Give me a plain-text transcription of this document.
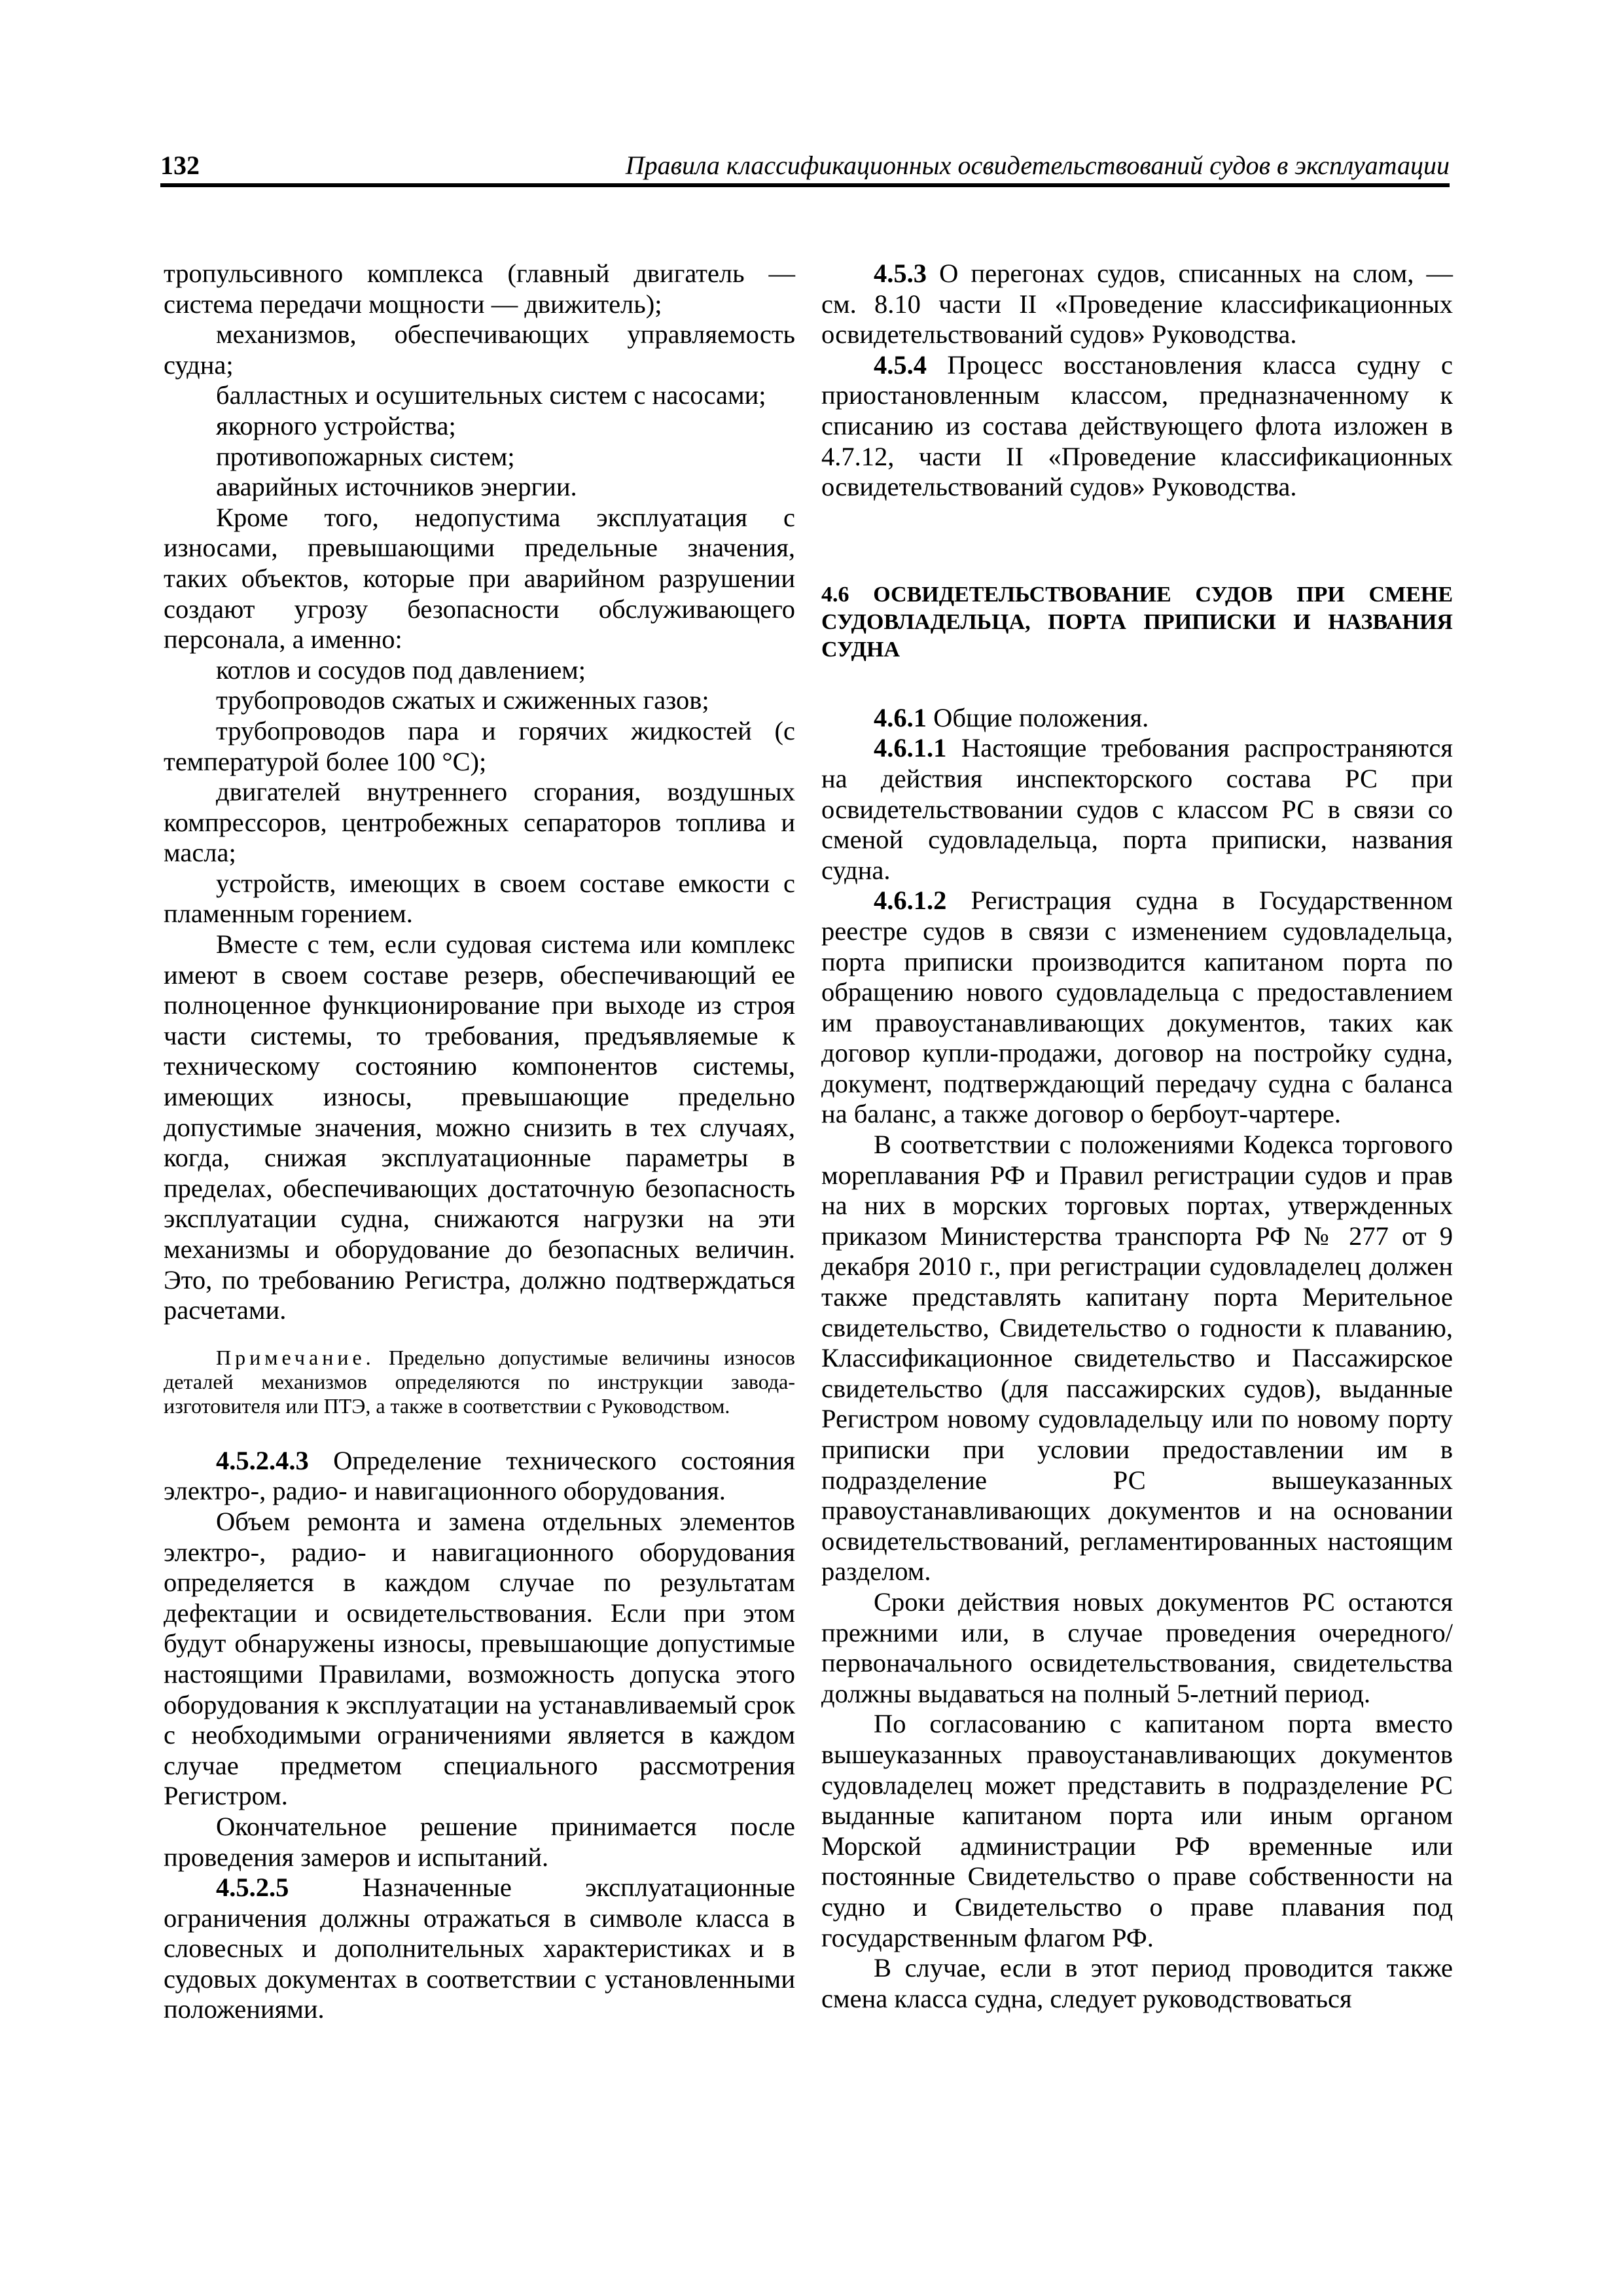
132	Правила классификационных освидетельствований судов в эксплуатации

тропульсивного комплекса (главный двигатель — система передачи мощности — движитель);

механизмов, обеспечивающих управляемость судна;

балластных и осушительных систем с насосами;

якорного устройства;

противопожарных систем;

аварийных источников энергии.

Кроме того, недопустима эксплуатация с износами, превышающими предельные значения, таких объектов, которые при аварийном разрушении создают угрозу безопасности обслуживающего персонала, а именно:

котлов и сосудов под давлением;

трубопроводов сжатых и сжиженных газов;

трубопроводов пара и горячих жидкостей (с температурой более 100 °С);

двигателей внутреннего сгорания, воздушных компрессоров, центробежных сепараторов топлива и масла;

устройств, имеющих в своем составе емкости с пламенным горением.

Вместе с тем, если судовая система или комплекс имеют в своем составе резерв, обеспечивающий ее полноценное функционирование при выходе из строя части системы, то требования, предъявляемые к техническому состоянию компонентов системы, имеющих износы, превышающие предельно допустимые значения, можно снизить в тех случаях, когда, снижая эксплуатационные параметры в пределах, обеспечивающих достаточную безопасность эксплуатации судна, снижаются нагрузки на эти механизмы и оборудование до безопасных величин. Это, по требованию Регистра, должно подтверждаться расчетами.

Примечание. Предельно допустимые величины износов деталей механизмов определяются по инструкции завода-изготовителя или ПТЭ, а также в соответствии с Руководством.

4.5.2.4.3 Определение технического состояния электро-, радио- и навигационного оборудования.

Объем ремонта и замена отдельных элементов электро-, радио- и навигационного оборудования определяется в каждом случае по результатам дефектации и освидетельствования. Если при этом будут обнаружены износы, превышающие допустимые настоящими Правилами, возможность допуска этого оборудования к эксплуатации на устанавливаемый срок с необходимыми ограничениями является в каждом случае предметом специального рассмотрения Регистром.

Окончательное решение принимается после проведения замеров и испытаний.

4.5.2.5	Назначенные эксплуатационные ограничения должны отражаться в символе класса в словесных и дополнительных характеристиках и в судовых документах в соответствии с установленными положениями.

4.5.3 О перегонах судов, списанных на слом, — см. 8.10 части II «Проведение классификационных освидетельствований судов» Руководства.

4.5.4 Процесс восстановления класса судну с приостановленным классом, предназначенному к списанию из состава действующего флота изложен в 4.7.12, части II «Проведение классификационных освидетельствований судов» Руководства.

4.6 ОСВИДЕТЕЛЬСТВОВАНИЕ СУДОВ ПРИ СМЕНЕ СУДОВЛАДЕЛЬЦА, ПОРТА ПРИПИСКИ И НАЗВАНИЯ СУДНА

4.6.1 Общие положения.

4.6.1.1 Настоящие требования распространяются на действия инспекторского состава РС при освидетельствовании судов с классом РС в связи со сменой судовладельца, порта приписки, названия судна.

4.6.1.2 Регистрация судна в Государственном реестре судов в связи с изменением судовладельца, порта приписки производится капитаном порта по обращению нового судовладельца с предоставлением им правоустанавливающих документов, таких как договор купли-продажи, договор на постройку судна, документ, подтверждающий передачу судна с баланса на баланс, а также договор о бербоут-чартере.

В соответствии с положениями Кодекса торгового мореплавания РФ и Правил регистрации судов и прав на них в морских торговых портах, утвержденных приказом Министерства транспорта РФ № 277 от 9 декабря 2010 г., при регистрации судовладелец должен также представлять капитану порта Мерительное свидетельство, Свидетельство о годности к плаванию, Классификационное свидетельство и Пассажирское свидетельство (для пассажирских судов), выданные Регистром новому судовладельцу или по новому порту приписки при условии предоставлении им в подразделение РС вышеуказанных правоустанавливающих документов и на основании освидетельствований, регламентированных настоящим разделом.

Сроки действия новых документов РС остаются прежними или, в случае проведения очередного/первоначального освидетельствования, свидетельства должны выдаваться на полный 5-летний период.

По согласованию с капитаном порта вместо вышеуказанных правоустанавливающих документов судовладелец может представить в подразделение РС выданные капитаном порта или иным органом Морской администрации РФ временные или постоянные Свидетельство о праве собственности на судно и Свидетельство о праве плавания под государственным флагом РФ.

В случае, если в этот период проводится также смена класса судна, следует руководствоваться
